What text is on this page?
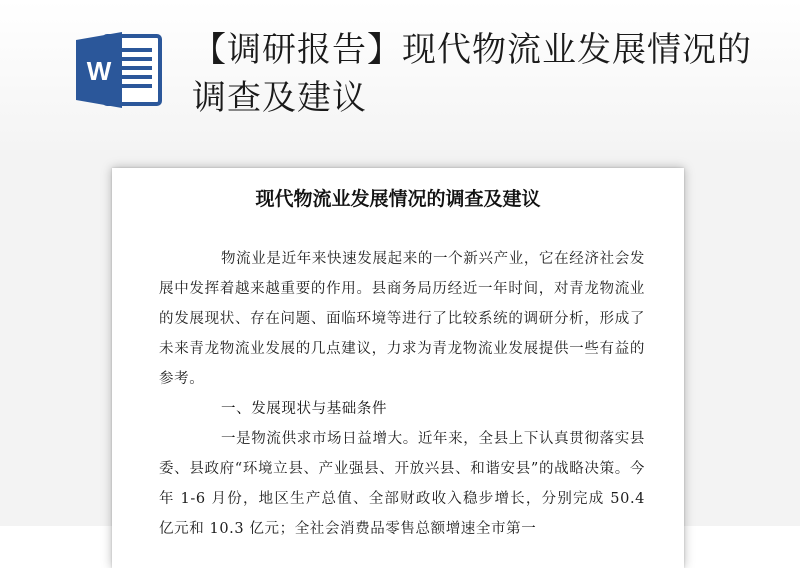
W
【调研报告】现代物流业发展情况的调查及建议
现代物流业发展情况的调查及建议
物流业是近年来快速发展起来的一个新兴产业，它在经济社会发展中发挥着越来越重要的作用。县商务局历经近一年时间，对青龙物流业的发展现状、存在问题、面临环境等进行了比较系统的调研分析，形成了未来青龙物流业发展的几点建议，力求为青龙物流业发展提供一些有益的参考。
一、发展现状与基础条件
一是物流供求市场日益增大。近年来，全县上下认真贯彻落实县委、县政府“环境立县、产业强县、开放兴县、和谐安县”的战略决策。今年 1-6 月份，地区生产总值、全部财政收入稳步增长，分别完成 50.4 亿元和 10.3 亿元；全社会消费品零售总额增速全市第一
